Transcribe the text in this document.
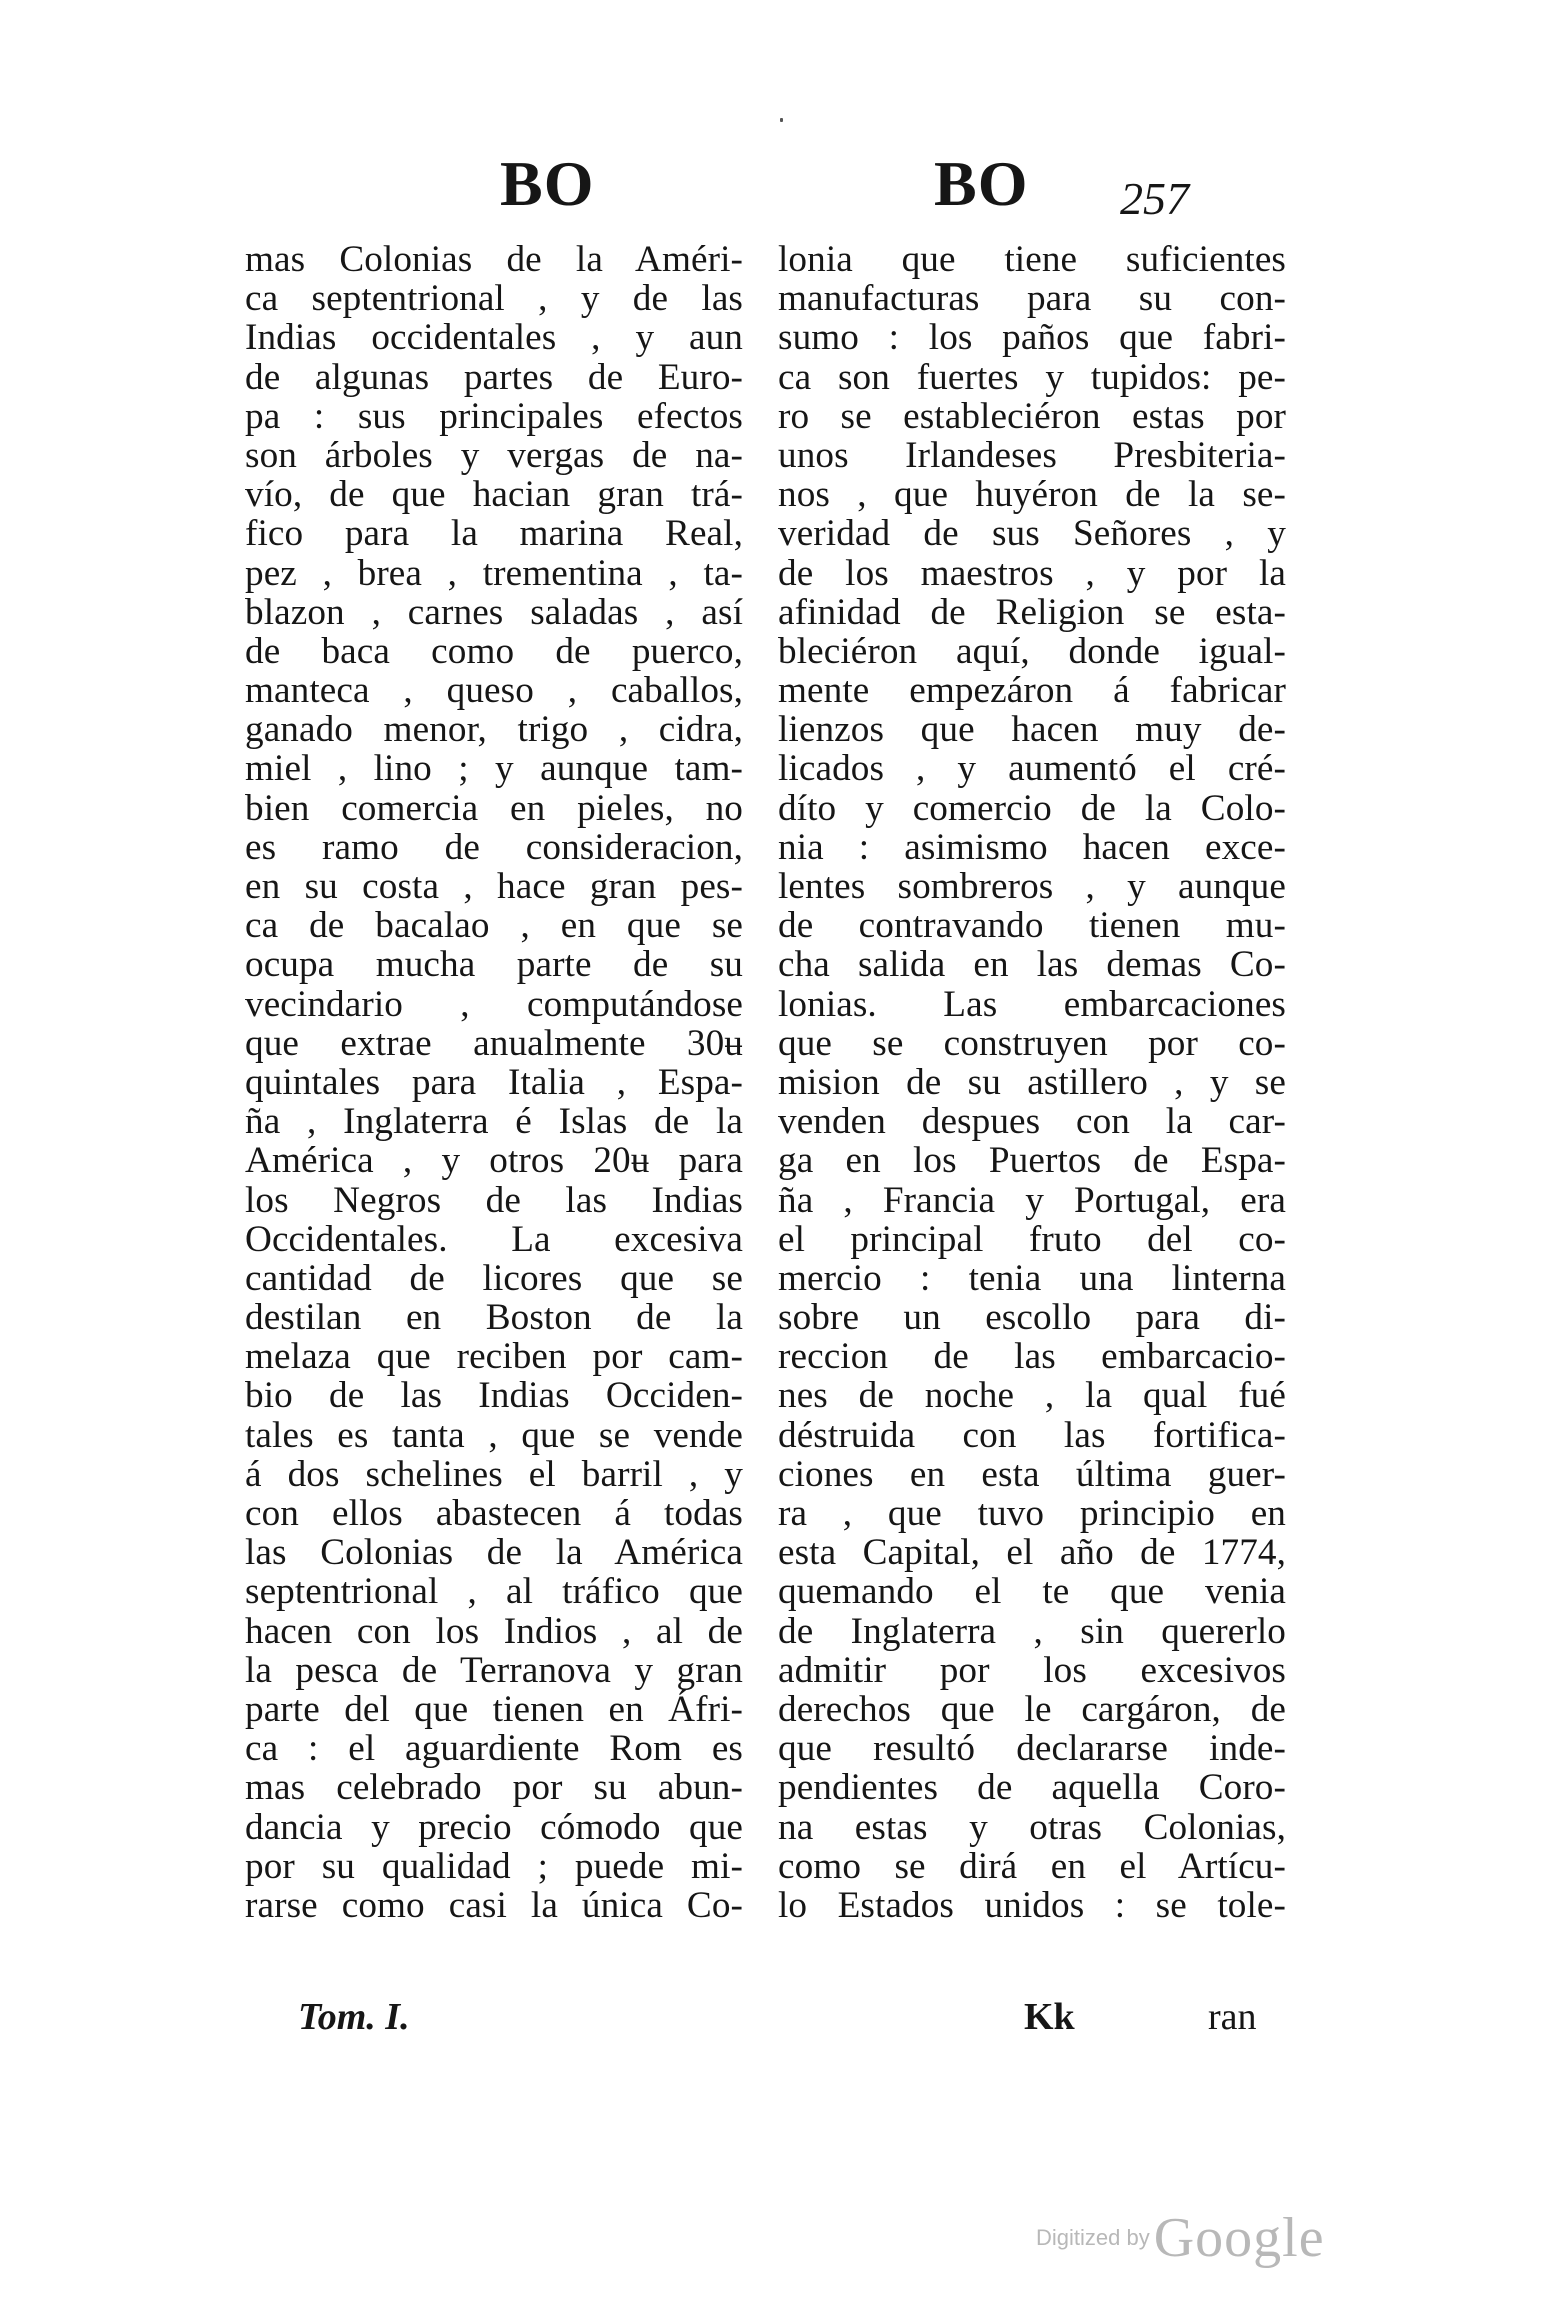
BO	BO 257
mas Colonias de la Améri-
ca septentrional , y de las
Indias occidentales , y aun
de algunas partes de Euro-
pa : sus principales efectos
son árboles y vergas de na-
vío, de que hacian gran trá-
fico para la marina Real,
pez , brea , trementina , ta-
blazon , carnes saladas , así
de baca como de puerco,
manteca , queso , caballos,
ganado menor, trigo , cidra,
miel , lino ; y aunque tam-
bien comercia en pieles, no
es ramo de consideracion,
en su costa , hace gran pes-
ca de bacalao , en que se
ocupa mucha parte de su
vecindario , computándose
que extrae anualmente 30ʉ
quintales para Italia , Espa-
ña , Inglaterra é Islas de la
América , y otros 20ʉ para
los Negros de las Indias
Occidentales. La excesiva
cantidad de licores que se
destilan en Boston de la
melaza que reciben por cam-
bio de las Indias Occiden-
tales es tanta , que se vende
á dos schelines el barril , y
con ellos abastecen á todas
las Colonias de la América
septentrional , al tráfico que
hacen con los Indios , al de
la pesca de Terranova y gran
parte del que tienen en Áfri-
ca : el aguardiente Rom es
mas celebrado por su abun-
dancia y precio cómodo que
por su qualidad ; puede mi-
rarse como casi la única Co-
lonia que tiene suficientes
manufacturas para su con-
sumo : los paños que fabri-
ca son fuertes y tupidos: pe-
ro se estableciéron estas por
unos Irlandeses Presbiteria-
nos , que huyéron de la se-
veridad de sus Señores , y
de los maestros , y por la
afinidad de Religion se esta-
bleciéron aquí, donde igual-
mente empezáron á fabricar
lienzos que hacen muy de-
licados , y aumentó el cré-
díto y comercio de la Colo-
nia : asimismo hacen exce-
lentes sombreros , y aunque
de contravando tienen mu-
cha salida en las demas Co-
lonias. Las embarcaciones
que se construyen por co-
mision de su astillero , y se
venden despues con la car-
ga en los Puertos de Espa-
ña , Francia y Portugal, era
el principal fruto del co-
mercio : tenia una linterna
sobre un escollo para di-
reccion de las embarcacio-
nes de noche , la qual fué
déstruida con las fortifica-
ciones en esta última guer-
ra , que tuvo principio en
esta Capital, el año de 1774,
quemando el te que venia
de Inglaterra , sin quererlo
admitir por los excesivos
derechos que le cargáron, de
que resultó declararse inde-
pendientes de aquella Coro-
na estas y otras Colonias,
como se dirá en el Artícu-
lo Estados unidos : se tole-
Tom. I.	Kk	ran
Digitized by Google
